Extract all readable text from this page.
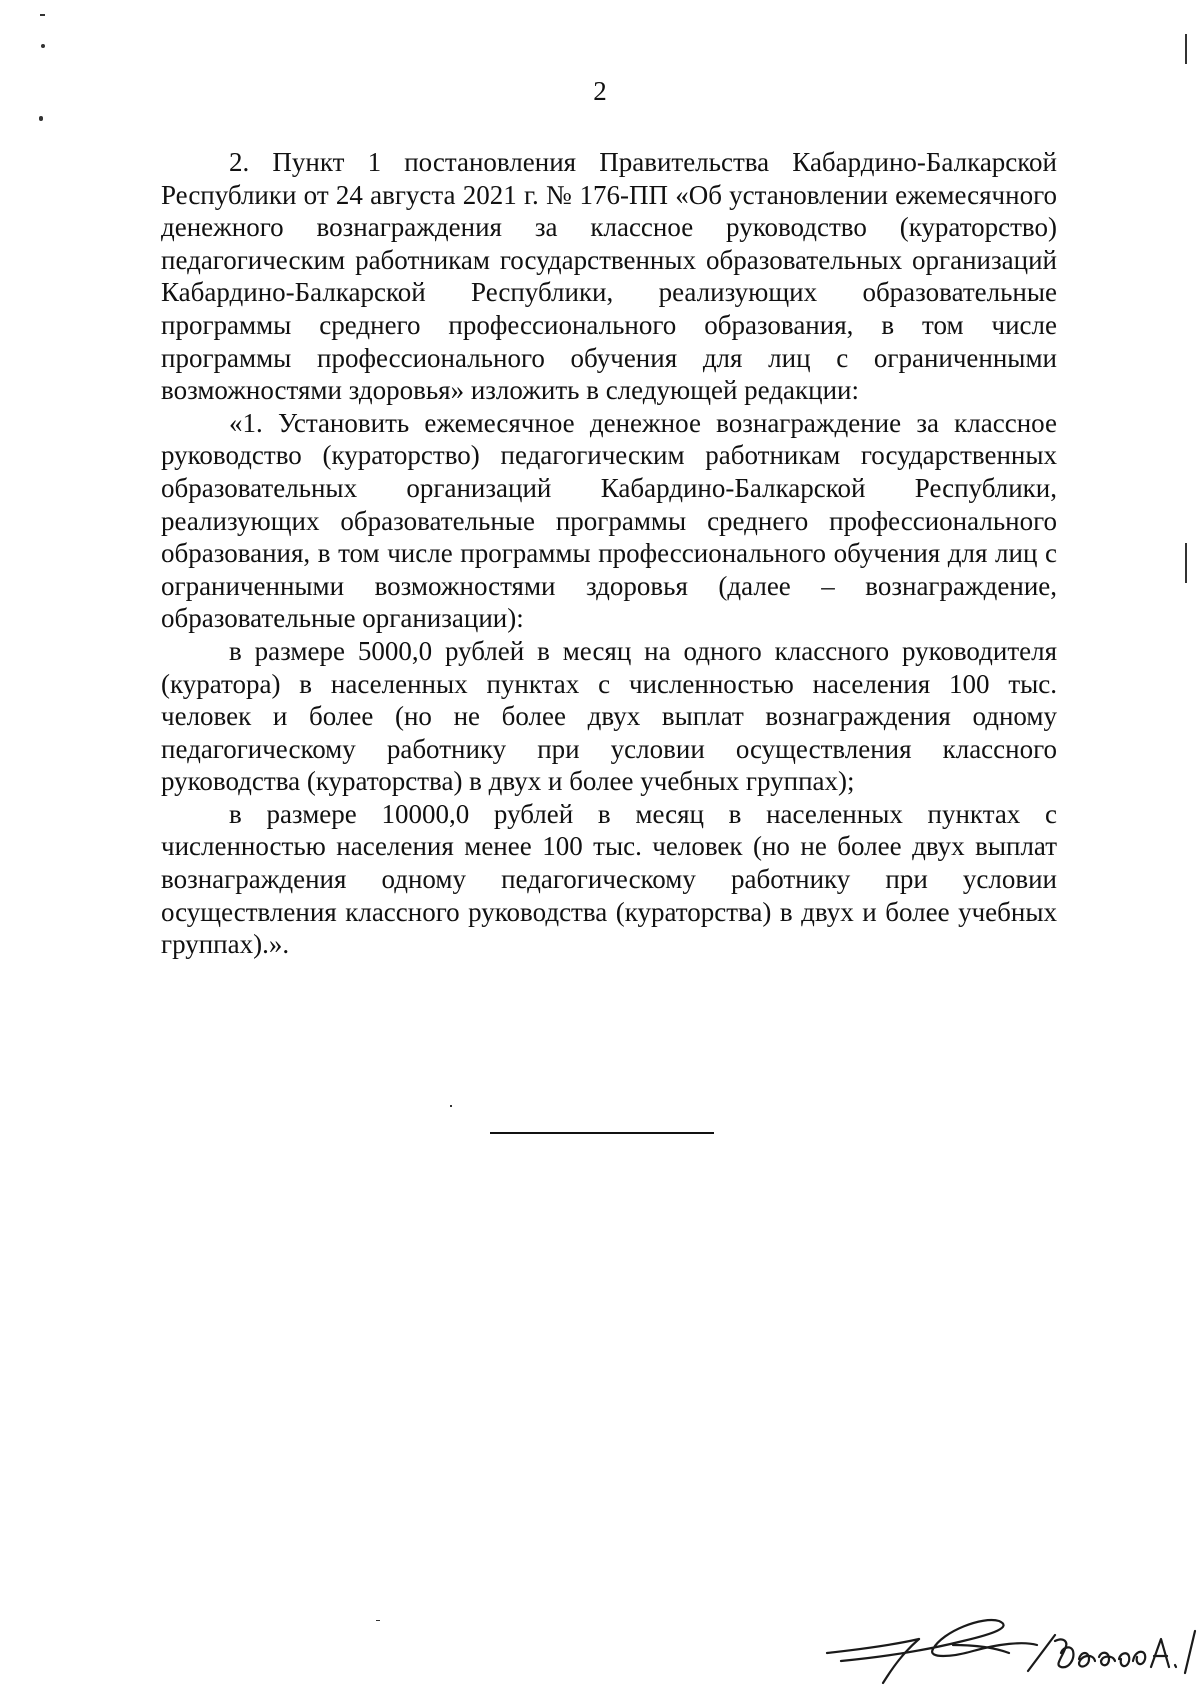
2

2. Пункт 1 постановления Правительства Кабардино-Балкарской Республики от 24 августа 2021 г. № 176-ПП «Об установлении ежемесячного денежного вознаграждения за классное руководство (кураторство) педагогическим работникам государственных образовательных организаций Кабардино-Балкарской Республики, реализующих образовательные программы среднего профессионального образования, в том числе программы профессионального обучения для лиц с ограниченными возможностями здоровья» изложить в следующей редакции:

«1. Установить ежемесячное денежное вознаграждение за классное руководство (кураторство) педагогическим работникам государственных образовательных организаций Кабардино-Балкарской Республики, реализующих образовательные программы среднего профессионального образования, в том числе программы профессионального обучения для лиц с ограниченными возможностями здоровья (далее – вознаграждение, образовательные организации):

в размере 5000,0 рублей в месяц на одного классного руководителя (куратора) в населенных пунктах с численностью населения 100 тыс. человек и более (но не более двух выплат вознаграждения одному педагогическому работнику при условии осуществления классного руководства (кураторства) в двух и более учебных группах);

в размере 10000,0 рублей в месяц в населенных пунктах с численностью населения менее 100 тыс. человек (но не более двух выплат вознаграждения одному педагогическому работнику при условии осуществления классного руководства (кураторства) в двух и более учебных группах).».
